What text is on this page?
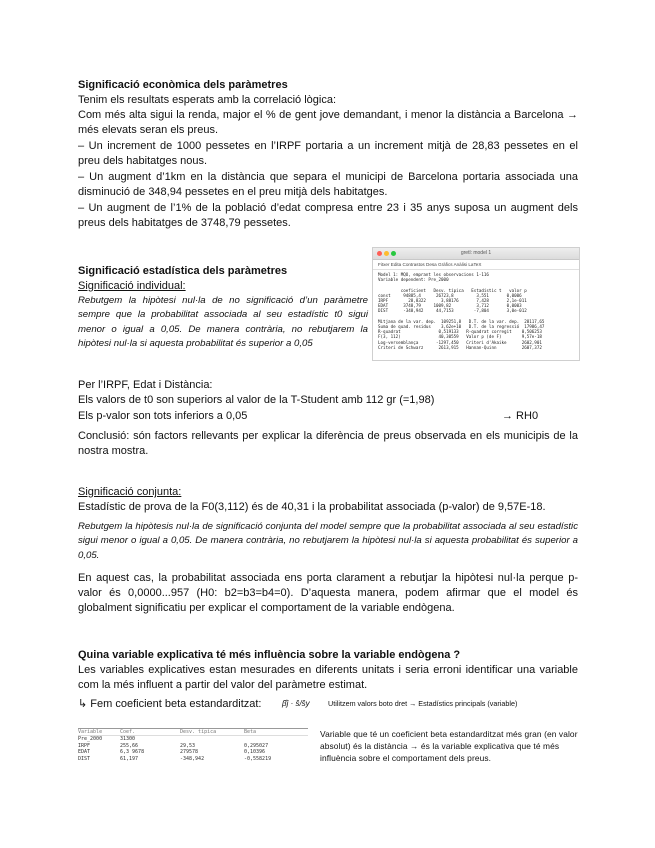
Significació econòmica dels paràmetres
Tenim els resultats esperats amb la correlació lògica:

Com més alta sigui la renda, major el % de gent jove demandant, i menor la distància a Barcelona → més elevats seran els preus.

– Un increment de 1000 pessetes en l’IRPF portaria a un increment mitjà de 28,83 pessetes en el preu dels habitatges nous.

– Un augment d’1km en la distància que separa el municipi de Barcelona portaria associada una disminució de 348,94 pessetes en el preu mitjà dels habitatges.

– Un augment de l’1% de la població d’edat compresa entre 23 i 35 anys suposa un augment dels preus dels habitatges de 3748,79 pessetes.

Significació estadística dels paràmetres
Significació individual:

Rebutgem la hipòtesi nul·la de no significació d’un paràmetre sempre que la probabilitat associada al seu estadístic t0 sigui menor o igual a 0,05. De manera contrària, no rebutjarem la hipòtesi nul·la si aquesta probabilitat és superior a 0,05

gretl: model 1
Fitxer Edita Contrastos Desa Gràfics Anàlisi LaTeX
Model 1: MQO, emprant les observacions 1-116
Variable dependent: Pre_2000

coeficient   Desv. típica   Estadístic t   valor p
const     94885,4      26723,8         3,551       0,0006
IRPF        28,8322      3,88176       7,428       2,1e-011
EDAT      3748,79     1009,82          3,712       0,0003
DIST      -348,942     44,7153        -7,804       3,0e-012

Mitjana de la var. dep.  109251,8   D.T. de la var. dep.  28117,65
Suma de quad. residus    3,62e+10   D.T. de la regressió  17986,47
R-quadrat               0,519133   R-quadrat corregit    0,506253
F(3, 112)               40,30559   Valor p (de F)        9,57e-18
Log-versemblança       -1297,450   Criteri d'Akaike      2602,901
Criteri de Schwarz      2613,915   Hannan-Quinn          2607,372
Per l’IRPF, Edat i Distància:
Els valors de t0 son superiors al valor de la T-Student amb 112 gr (=1,98)
Els p-valor son tots inferiors a 0,05	→ RH0

Conclusió: són factors rellevants per explicar la diferència de preus observada en els municipis de la nostra mostra.

Significació conjunta:
Estadístic de prova de la F0(3,112) és de 40,31 i la probabilitat associada (p-valor) de 9,57E-18.

Rebutgem la hipòtesis nul·la de significació conjunta del model sempre que la probabilitat associada al seu estadístic sigui menor o igual a 0,05. De manera contrària, no rebutjarem la hipòtesi nul·la si aquesta probabilitat és superior a 0,05.

En aquest cas, la probabilitat associada ens porta clarament a rebutjar la hipòtesi nul·la perque p-valor és 0,0000...957 (H0: b2=b3=b4=0). D’aquesta manera, podem afirmar que el model és globalment significatiu per explicar el comportament de la variable endògena.

Quina variable explicativa té més influència sobre la variable endògena ?

Les variables explicatives estan mesurades en diferents unitats i seria erroni identificar una variable com la més influent a partir del valor del paràmetre estimat.

↳ Fem coeficient beta estandarditzat:	β̂j · ŝ/ŝy	Utilitzem valors boto dret → Estadístics principals (variable)
Variable	Coef.	Desv. típica	Beta
Pre_2000	31300
IRPF	255,66	29,53	0,295027
EDAT	6,3 9678	279578	0,10396
DIST	61,197	-348,942	-0,558219

Variable que té un coeficient beta estandarditzat més gran (en valor absolut) és la distància → és la variable explicativa que té més influència sobre el comportament dels preus.
